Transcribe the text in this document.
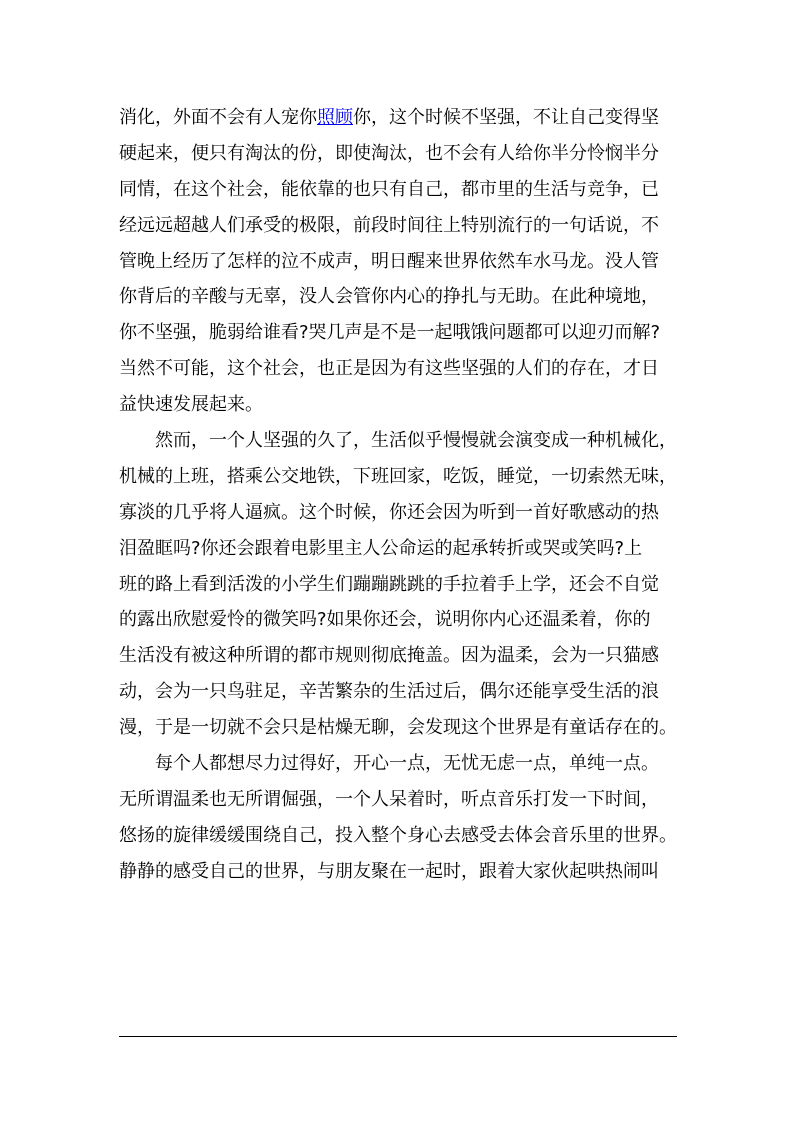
消化，外面不会有人宠你照顾你，这个时候不坚强，不让自己变得坚
硬起来，便只有淘汰的份，即使淘汰，也不会有人给你半分怜悯半分
同情，在这个社会，能依靠的也只有自己，都市里的生活与竞争，已
经远远超越人们承受的极限，前段时间往上特别流行的一句话说，不
管晚上经历了怎样的泣不成声，明日醒来世界依然车水马龙。没人管
你背后的辛酸与无辜，没人会管你内心的挣扎与无助。在此种境地，
你不坚强，脆弱给谁看?哭几声是不是一起哦饿问题都可以迎刃而解?
当然不可能，这个社会，也正是因为有这些坚强的人们的存在，才日
益快速发展起来。
然而，一个人坚强的久了，生活似乎慢慢就会演变成一种机械化，
机械的上班，搭乘公交地铁，下班回家，吃饭，睡觉，一切索然无味，
寡淡的几乎将人逼疯。这个时候，你还会因为听到一首好歌感动的热
泪盈眶吗?你还会跟着电影里主人公命运的起承转折或哭或笑吗?上
班的路上看到活泼的小学生们蹦蹦跳跳的手拉着手上学，还会不自觉
的露出欣慰爱怜的微笑吗?如果你还会，说明你内心还温柔着，你的
生活没有被这种所谓的都市规则彻底掩盖。因为温柔，会为一只猫感
动，会为一只鸟驻足，辛苦繁杂的生活过后，偶尔还能享受生活的浪
漫，于是一切就不会只是枯燥无聊，会发现这个世界是有童话存在的。
每个人都想尽力过得好，开心一点，无忧无虑一点，单纯一点。
无所谓温柔也无所谓倔强，一个人呆着时，听点音乐打发一下时间，
悠扬的旋律缓缓围绕自己，投入整个身心去感受去体会音乐里的世界。
静静的感受自己的世界，与朋友聚在一起时，跟着大家伙起哄热闹叫
